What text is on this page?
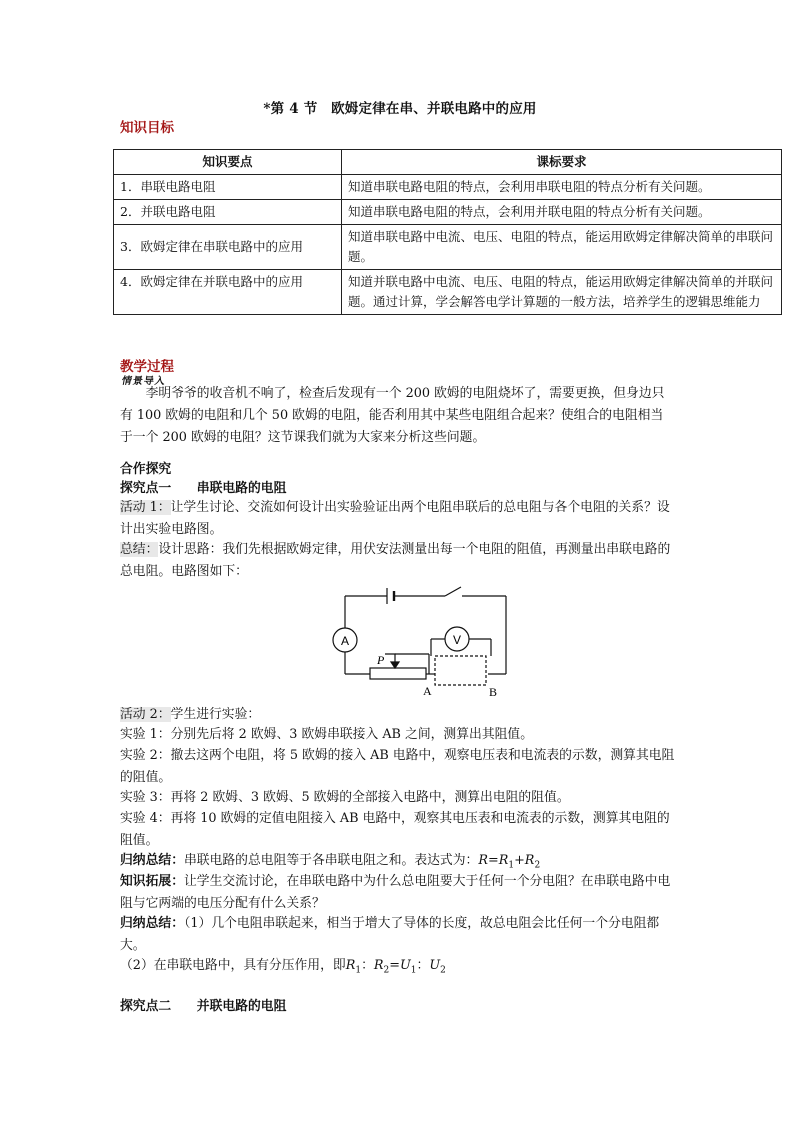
*第 4 节　欧姆定律在串、并联电路中的应用
知识目标
知识要点	课标要求
1．串联电路电阻	知道串联电路电阻的特点，会利用串联电阻的特点分析有关问题。
2．并联电路电阻	知道串联电路电阻的特点，会利用并联电阻的特点分析有关问题。
3．欧姆定律在串联电路中的应用	知道串联电路中电流、电压、电阻的特点，能运用欧姆定律解决简单的串联问题。
4．欧姆定律在并联电路中的应用	知道并联电路中电流、电压、电阻的特点，能运用欧姆定律解决简单的并联问题。通过计算，学会解答电学计算题的一般方法，培养学生的逻辑思维能力
教学过程
情景导入
李明爷爷的收音机不响了，检查后发现有一个 200 欧姆的电阻烧坏了，需要更换，但身边只有 100 欧姆的电阻和几个 50 欧姆的电阻，能否利用其中某些电阻组合起来？使组合的电阻相当于一个 200 欧姆的电阻？这节课我们就为大家来分析这些问题。
合作探究
探究点一　　串联电路的电阻
活动 1：让学生讨论、交流如何设计出实验验证出两个电阻串联后的总电阻与各个电阻的关系？设计出实验电路图。
总结：设计思路：我们先根据欧姆定律，用伏安法测量出每一个电阻的阻值，再测量出串联电路的总电阻。电路图如下：
A	V
P
A	B
活动 2：学生进行实验：
实验 1：分别先后将 2 欧姆、3 欧姆串联接入 AB 之间，测算出其阻值。
实验 2：撤去这两个电阻，将 5 欧姆的接入 AB 电路中，观察电压表和电流表的示数，测算其电阻的阻值。
实验 3：再将 2 欧姆、3 欧姆、5 欧姆的全部接入电路中，测算出电阻的阻值。
实验 4：再将 10 欧姆的定值电阻接入 AB 电路中，观察其电压表和电流表的示数，测算其电阻的阻值。
归纳总结：串联电路的总电阻等于各串联电阻之和。表达式为：$R=R_1+R_2$
知识拓展：让学生交流讨论，在串联电路中为什么总电阻要大于任何一个分电阻？在串联电路中电阻与它两端的电压分配有什么关系？
归纳总结：（1）几个电阻串联起来，相当于增大了导体的长度，故总电阻会比任何一个分电阻都大。
（2）在串联电路中，具有分压作用，即$R_1$：$R_2=U_1$：$U_2$
探究点二　　并联电路的电阻
